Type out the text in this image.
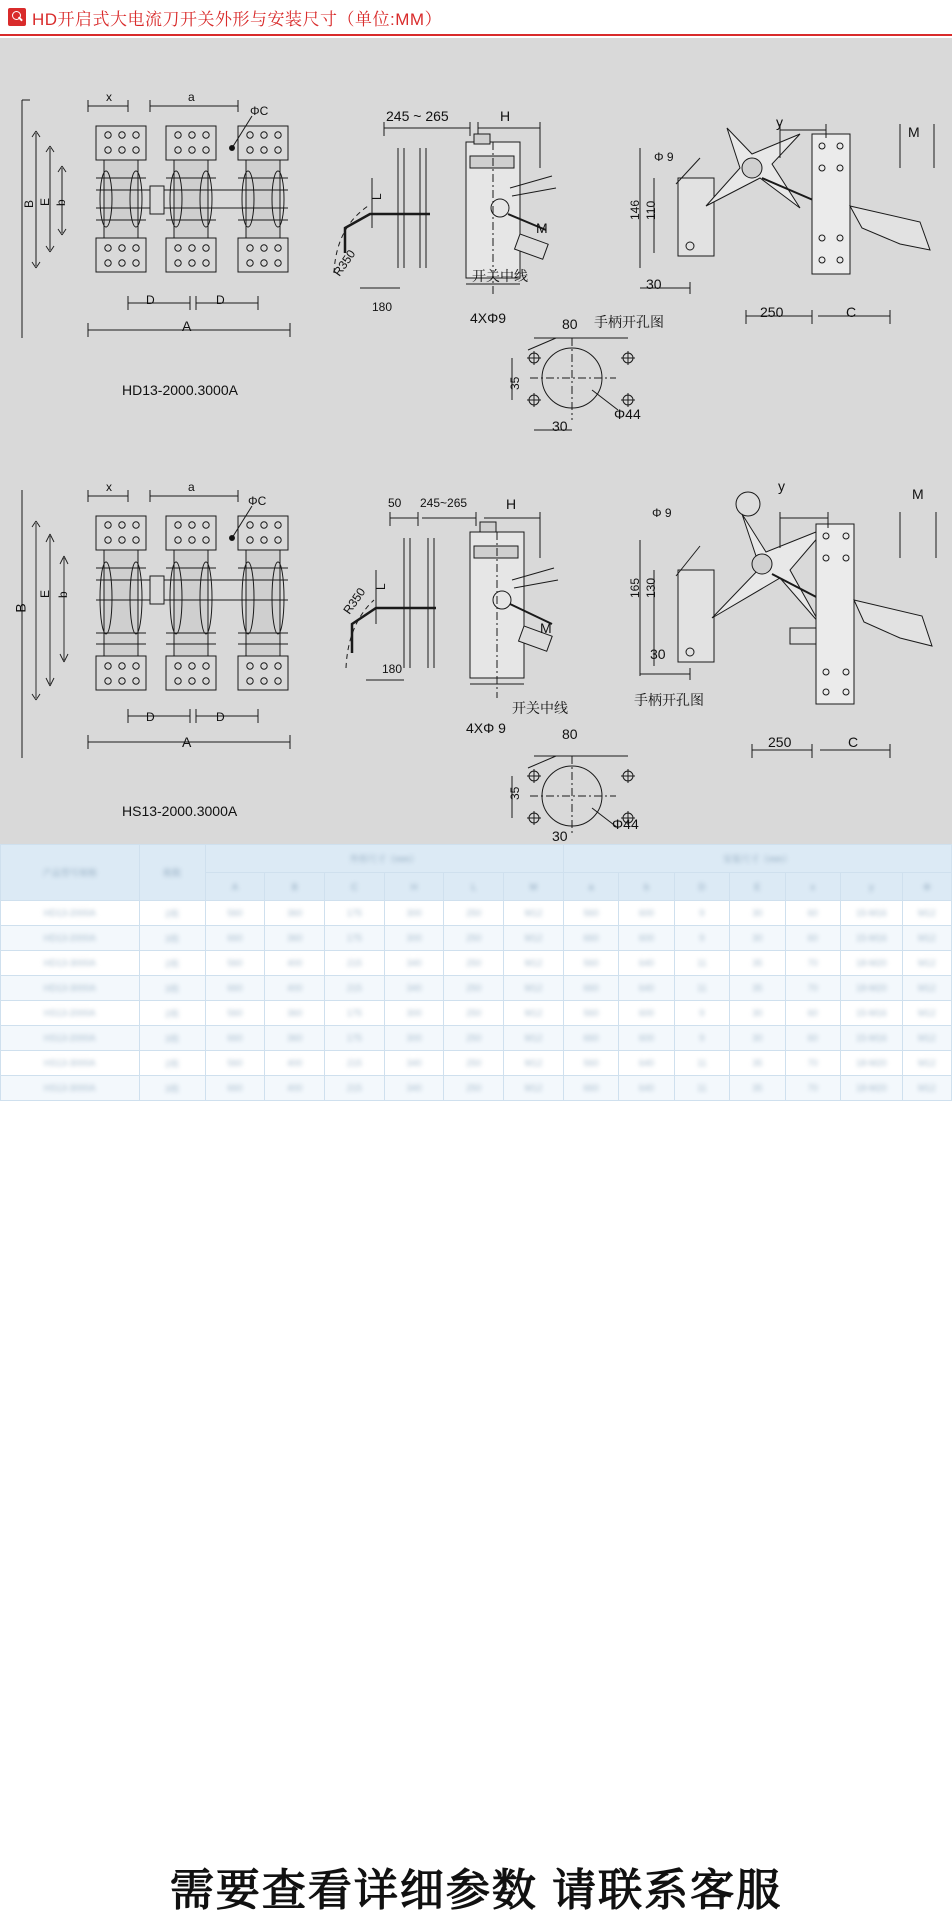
HD开启式大电流刀开关外形与安装尺寸（单位:MM）
x	a
ΦC
B E b
D	D
A
HD13-2000.3000A
245 ~ 265	H
L
R350
180
M
开关中线
4XΦ9	80
35
30
Φ44
手柄开孔图
Φ 9
y
M
146 110
30
250	C
x	a
ΦC
B
E b
D	D
A
HS13-2000.3000A
50 245~265	H
L
R350
180
M
开关中线
4XΦ 9	80
35
30
Φ44
手柄开孔图
Φ 9
y	M
165 130
30
250	C
产品型号规格	极数	外形尺寸（mm）						安装尺寸（mm）						
		A	B	C	H	L	M	a	b	D	E	x	y	Φ
HD13-2000A	2极	560	360	175	300	250	M12	560	600	9	30	60	15-M16	M12
HD13-2000A	3极	660	360	175	300	250	M12	660	600	9	30	60	15-M16	M12
HD13-3000A	2极	560	400	215	340	250	M12	560	640	11	35	70	18-M20	M12
HD13-3000A	3极	660	400	215	340	250	M12	660	640	11	35	70	18-M20	M12
HS13-2000A	2极	560	360	175	300	250	M12	560	600	9	30	60	15-M16	M12
HS13-2000A	3极	660	360	175	300	250	M12	660	600	9	30	60	15-M16	M12
HS13-3000A	2极	560	400	215	340	250	M12	560	640	11	35	70	18-M20	M12
HS13-3000A	3极	660	400	215	340	250	M12	660	640	11	35	70	18-M20	M12
需要查看详细参数 请联系客服
